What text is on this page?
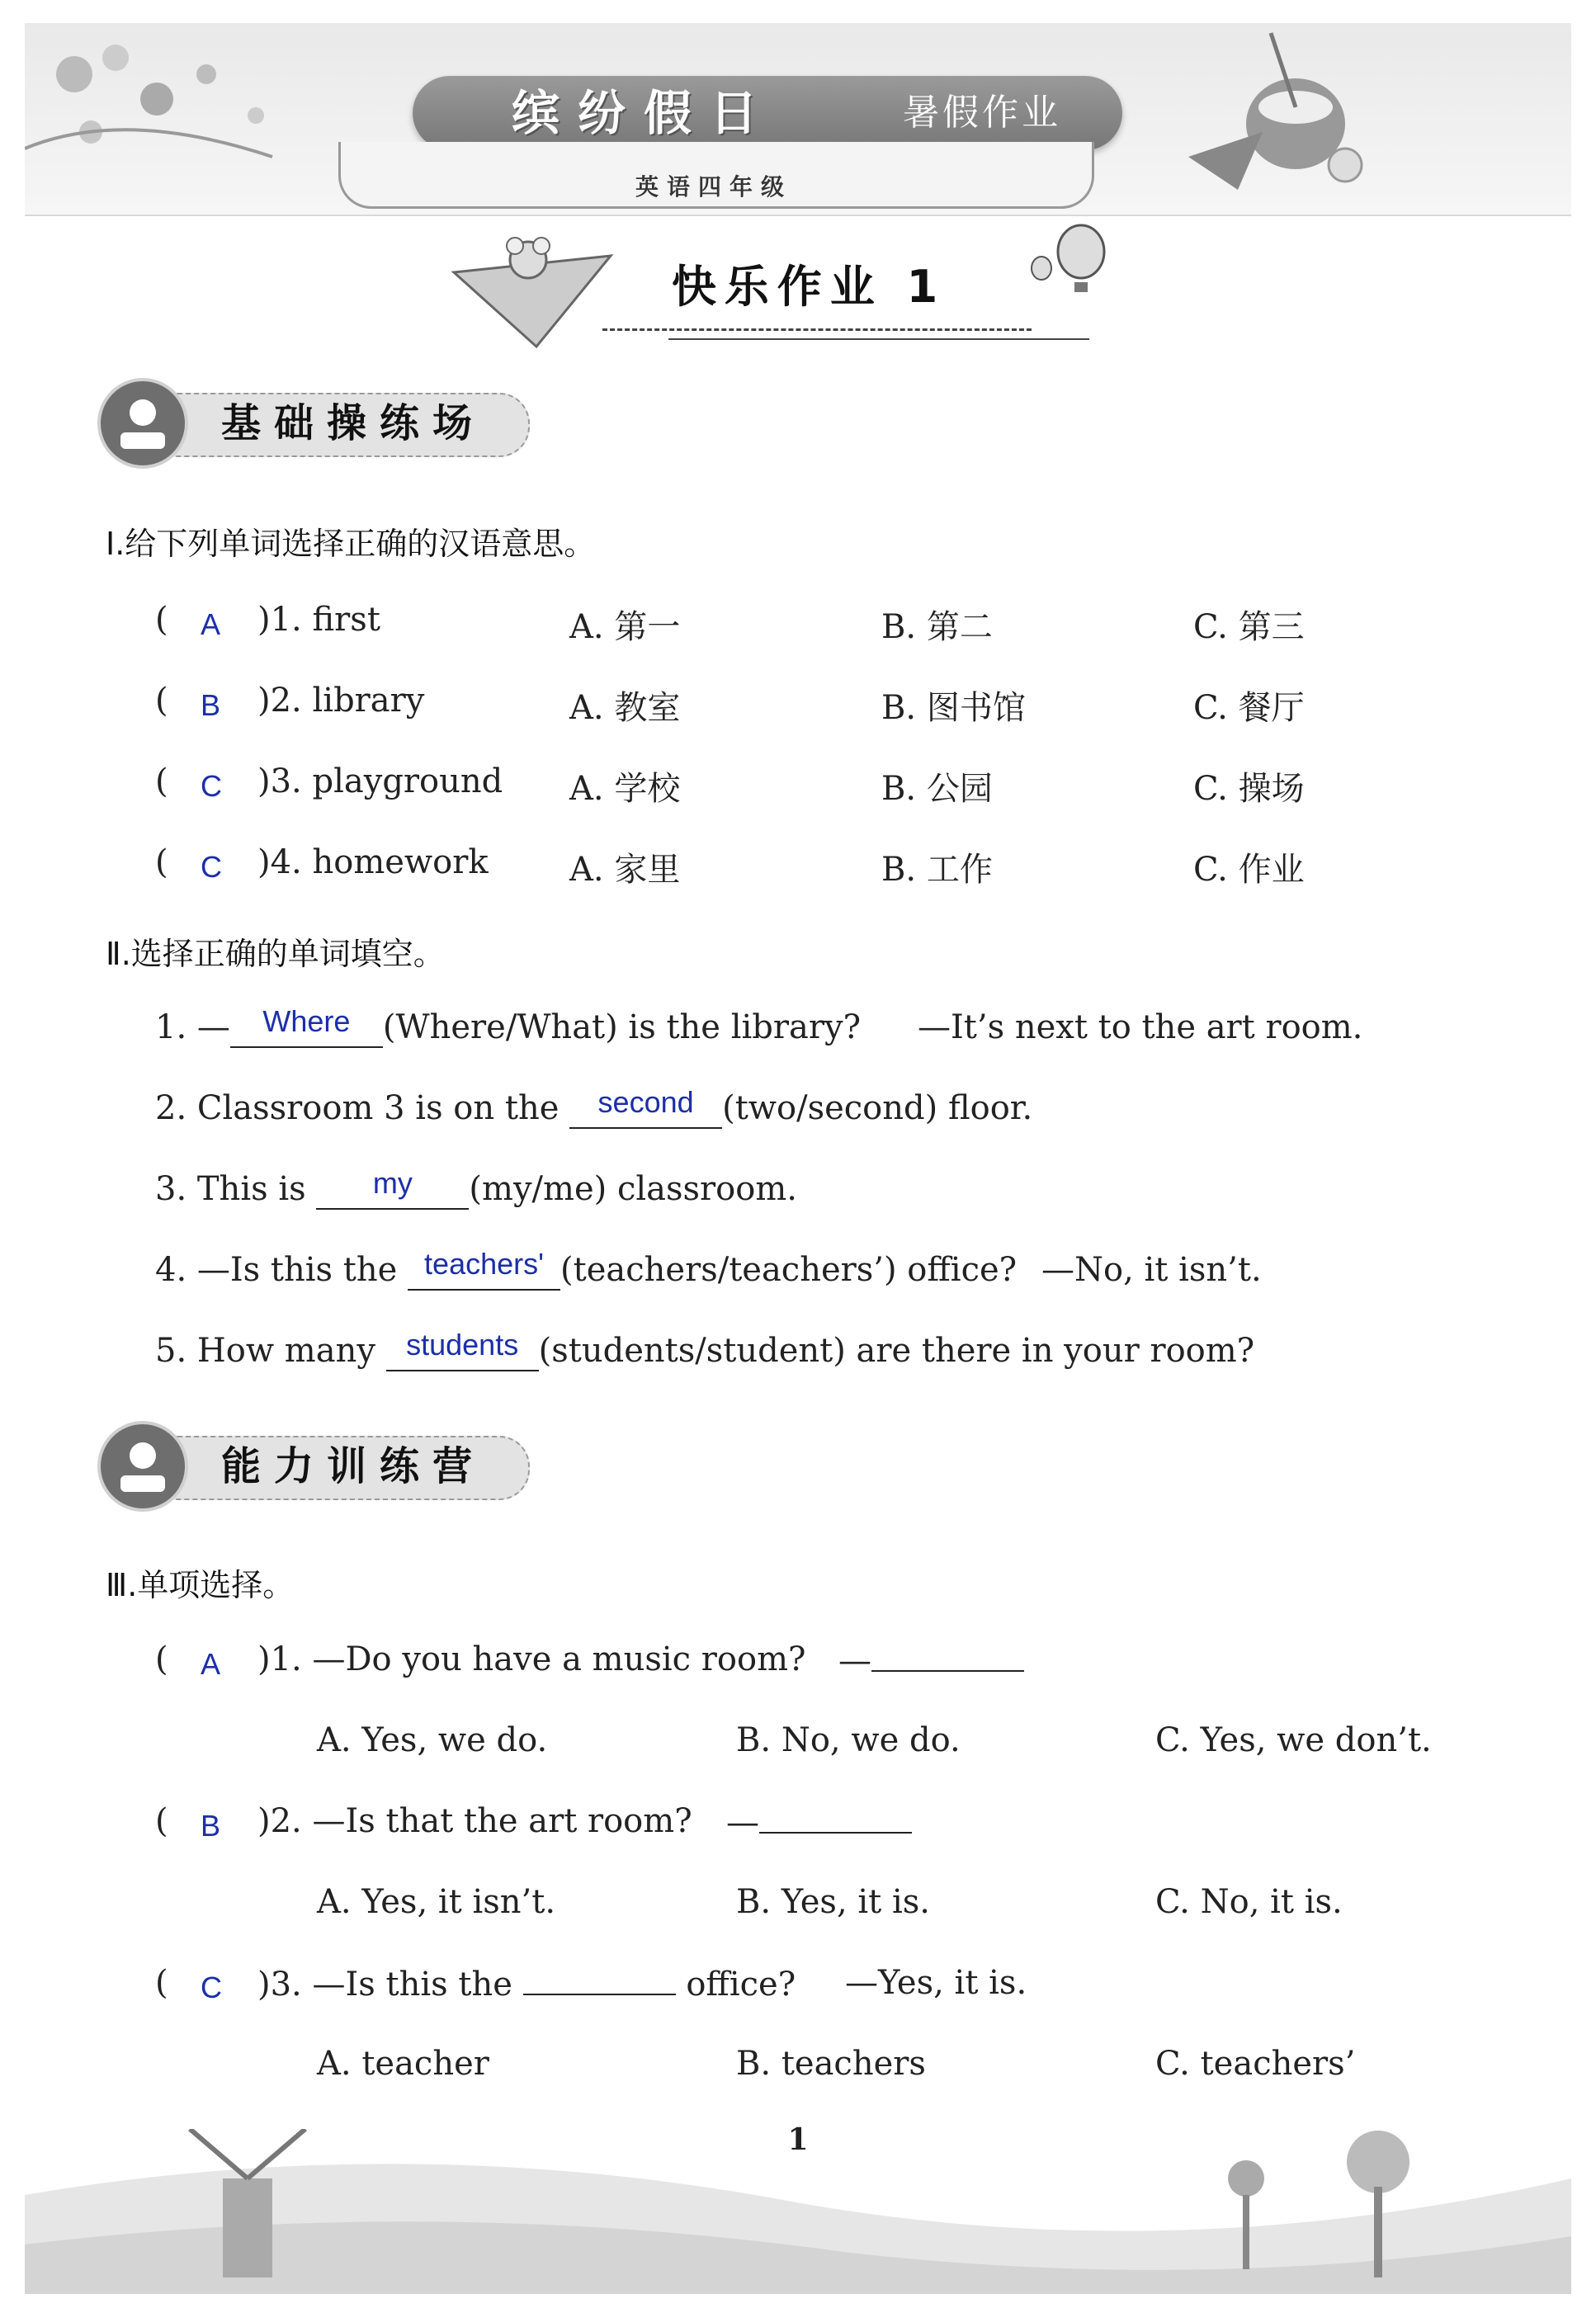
缤纷假日	暑假作业
英语四年级
快乐作业 1
基础操练场
Ⅰ.给下列单词选择正确的汉语意思。
( A )1. first	A. 第一	B. 第二	C. 第三
( B )2. library	A. 教室	B. 图书馆	C. 餐厅
( C )3. playground A. 学校	B. 公园	C. 操场
( C )4. homework A. 家里	B. 工作	C. 作业
Ⅱ.选择正确的单词填空。
1. — Where (Where/What) is the library? —It’s next to the art room.
2. Classroom 3 is on the second (two/second) floor.
3. This is my (my/me) classroom.
4. —Is this the teachers' (teachers/teachers’) office? —No, it isn’t.
5. How many students (students/student) are there in your room?
能力训练营
Ⅲ.单项选择。
( A )1. —Do you have a music room? —
A. Yes, we do.	B. No, we do.	C. Yes, we don’t.
( B )2. —Is that the art room? —
A. Yes, it isn’t.	B. Yes, it is.	C. No, it is.
( C )3. —Is this the	office? —Yes, it is.
A. teacher	B. teachers	C. teachers’
1
